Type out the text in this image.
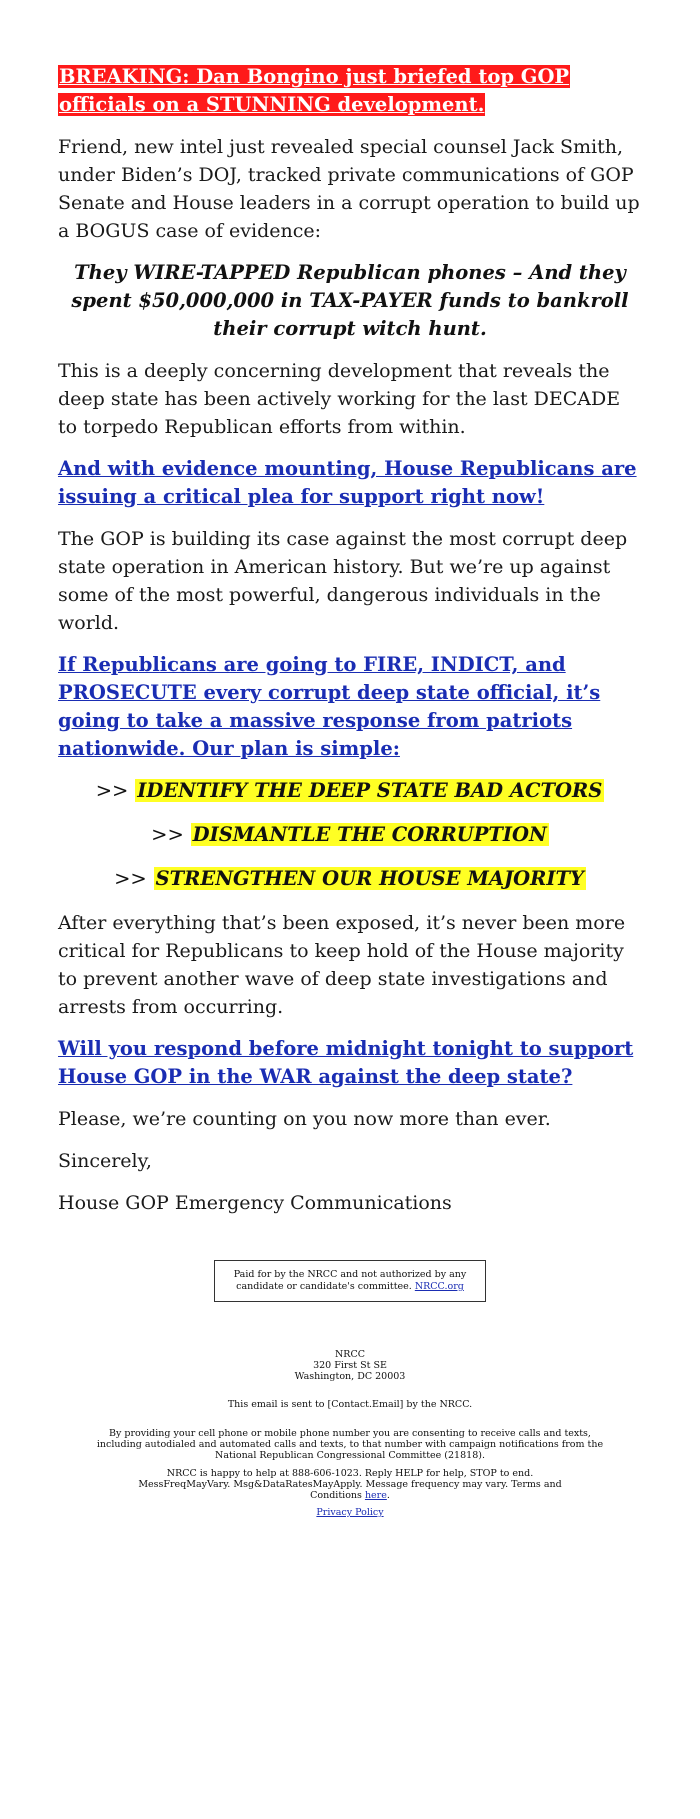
BREAKING: Dan Bongino just briefed top GOP officials on a STUNNING development.

Friend, new intel just revealed special counsel Jack Smith, under Biden’s DOJ, tracked private communications of GOP Senate and House leaders in a corrupt operation to build up a BOGUS case of evidence:

They WIRE-TAPPED Republican phones – And they spent $50,000,000 in TAX-PAYER funds to bankroll their corrupt witch hunt.

This is a deeply concerning development that reveals the deep state has been actively working for the last DECADE to torpedo Republican efforts from within.

And with evidence mounting, House Republicans are issuing a critical plea for support right now!

The GOP is building its case against the most corrupt deep state operation in American history. But we’re up against some of the most powerful, dangerous individuals in the world.

If Republicans are going to FIRE, INDICT, and PROSECUTE every corrupt deep state official, it’s going to take a massive response from patriots nationwide. Our plan is simple:

>> IDENTIFY THE DEEP STATE BAD ACTORS

>> DISMANTLE THE CORRUPTION

>> STRENGTHEN OUR HOUSE MAJORITY

After everything that’s been exposed, it’s never been more critical for Republicans to keep hold of the House majority to prevent another wave of deep state investigations and arrests from occurring.

Will you respond before midnight tonight to support House GOP in the WAR against the deep state?

Please, we’re counting on you now more than ever.

Sincerely,

House GOP Emergency Communications

Paid for by the NRCC and not authorized by any candidate or candidate's committee. NRCC.org
NRCC
320 First St SE
Washington, DC 20003
This email is sent to [Contact.Email] by the NRCC.
By providing your cell phone or mobile phone number you are consenting to receive calls and texts, including autodialed and automated calls and texts, to that number with campaign notifications from the National Republican Congressional Committee (21818).
NRCC is happy to help at 888-606-1023. Reply HELP for help, STOP to end. MessFreqMayVary. Msg&DataRatesMayApply. Message frequency may vary. Terms and Conditions here.
Privacy Policy
